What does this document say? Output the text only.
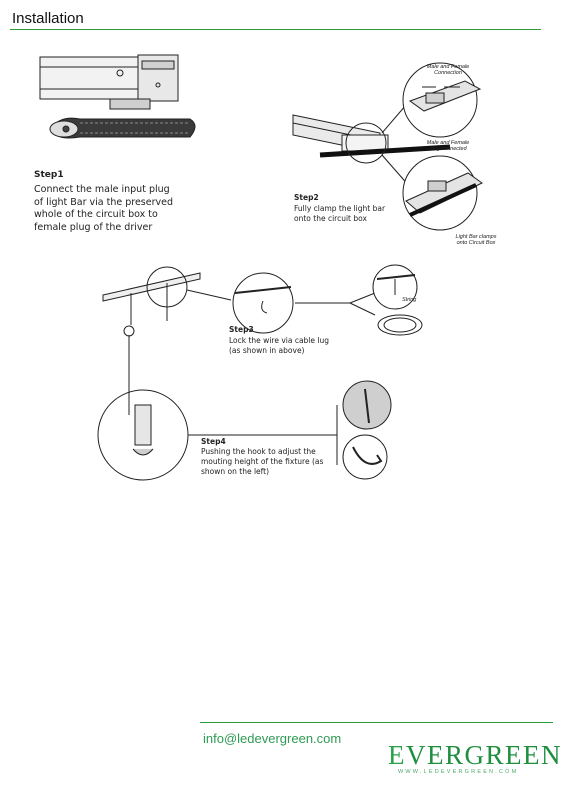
Installation
Step1
Connect the male input plug
of light Bar via the preserved
whole of the circuit box to
female plug of the driver
Male and Female
Connection
Male and Female
plug connected
Light Bar clamps
onto Circuit Box
Step2
Fully clamp the light bar
onto the circuit box
String
Step3
Lock the wire via cable lug
(as shown in above)
Step4
Pushing the hook to adjust the
mouting height of the fixture (as
shown on the left)
info@ledevergreen.com
EVERGREEN
WWW.LEDEVERGREEN.COM
